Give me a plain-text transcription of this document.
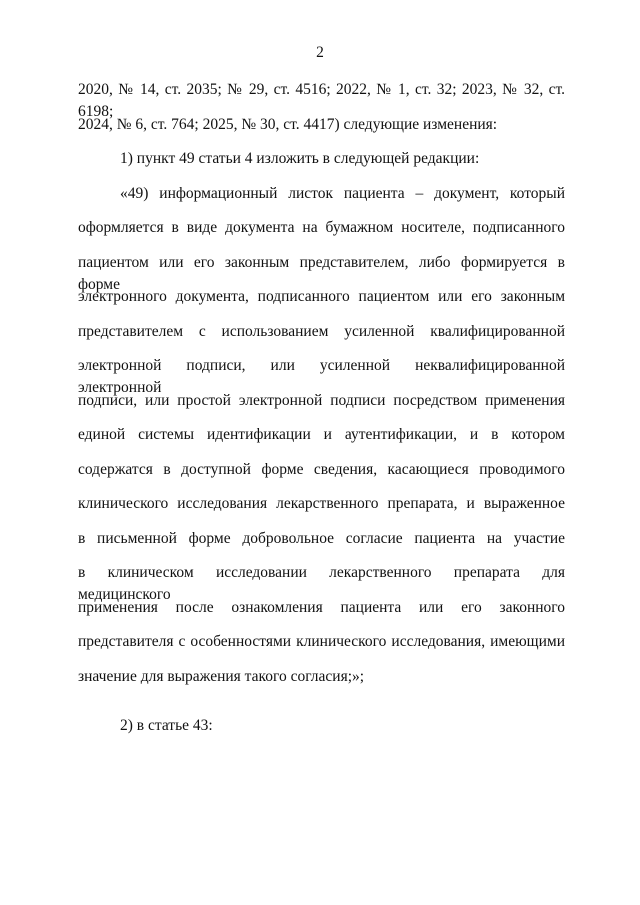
2
2020, № 14, ст. 2035; № 29, ст. 4516; 2022, № 1, ст. 32; 2023, № 32, ст. 6198;
2024, № 6, ст. 764; 2025, № 30, ст. 4417) следующие изменения:
1) пункт 49 статьи 4 изложить в следующей редакции:
«49) информационный листок пациента – документ, который
оформляется в виде документа на бумажном носителе, подписанного
пациентом или его законным представителем, либо формируется в форме
электронного документа, подписанного пациентом или его законным
представителем с использованием усиленной квалифицированной
электронной подписи, или усиленной неквалифицированной электронной
подписи, или простой электронной подписи посредством применения
единой системы идентификации и аутентификации, и в котором
содержатся в доступной форме сведения, касающиеся проводимого
клинического исследования лекарственного препарата, и выраженное
в письменной форме добровольное согласие пациента на участие
в клиническом исследовании лекарственного препарата для медицинского
применения после ознакомления пациента или его законного
представителя с особенностями клинического исследования, имеющими
значение для выражения такого согласия;»;
2) в статье 43:
